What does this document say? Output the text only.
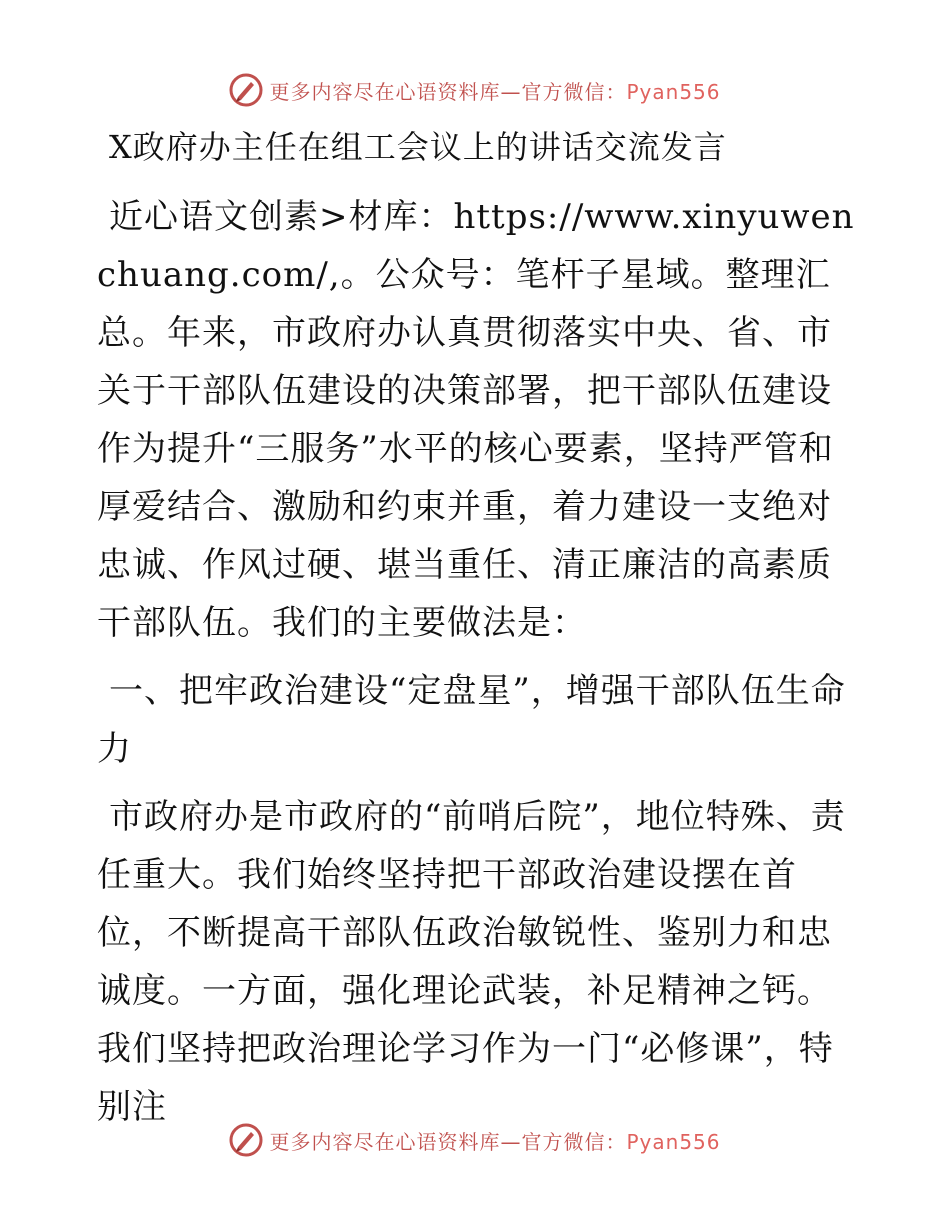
更多内容尽在心语资料库—官方微信：Pyan556

X政府办主任在组工会议上的讲话交流发言

近心语文创素>材库：https://www.xinyuwenchuang.com/,。公众号：笔杆子星域。整理汇总。年来，市政府办认真贯彻落实中央、省、市关于干部队伍建设的决策部署，把干部队伍建设作为提升“三服务”水平的核心要素，坚持严管和厚爱结合、激励和约束并重，着力建设一支绝对忠诚、作风过硬、堪当重任、清正廉洁的高素质干部队伍。我们的主要做法是：

一、把牢政治建设“定盘星”，增强干部队伍生命力

市政府办是市政府的“前哨后院”，地位特殊、责任重大。我们始终坚持把干部政治建设摆在首位，不断提高干部队伍政治敏锐性、鉴别力和忠诚度。一方面，强化理论武装，补足精神之钙。我们坚持把政治理论学习作为一门“必修课”，特别注

更多内容尽在心语资料库—官方微信：Pyan556
